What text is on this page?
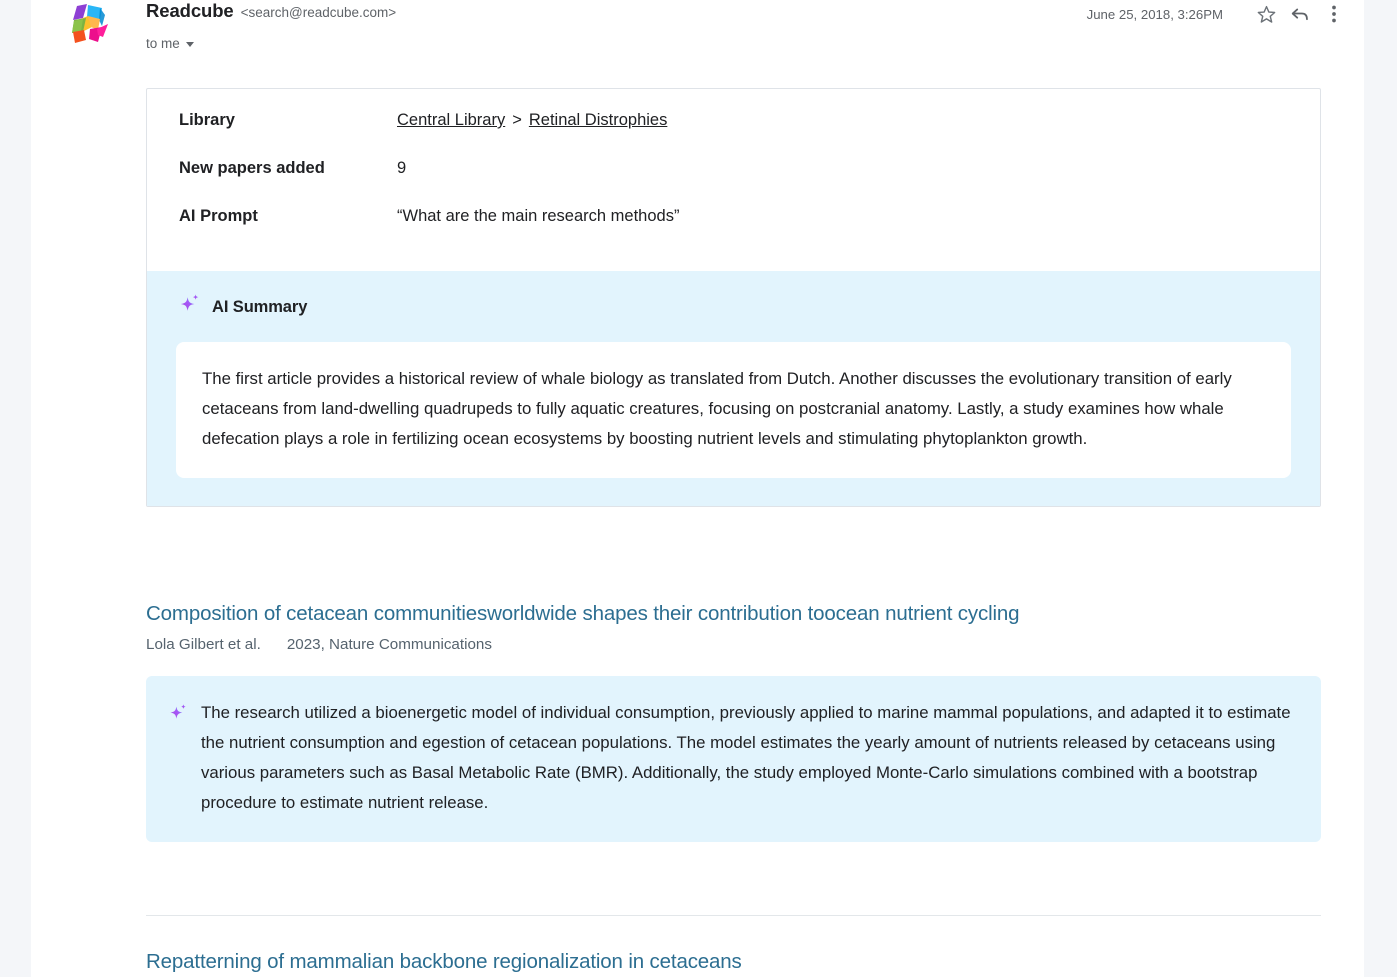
Readcube <search@readcube.com>
to me
June 25, 2018, 3:26PM
Library	Central Library > Retinal Distrophies
New papers added	9
AI Prompt	“What are the main research methods”
AI Summary

The first article provides a historical review of whale biology as translated from Dutch. Another discusses the evolutionary transition of early cetaceans from land-dwelling quadrupeds to fully aquatic creatures, focusing on postcranial anatomy. Lastly, a study examines how whale defecation plays a role in fertilizing ocean ecosystems by boosting nutrient levels and stimulating phytoplankton growth.

Composition of cetacean communitiesworldwide shapes their contribution toocean nutrient cycling
Lola Gilbert et al. 2023, Nature Communications

The research utilized a bioenergetic model of individual consumption, previously applied to marine mammal populations, and adapted it to estimate the nutrient consumption and egestion of cetacean populations. The model estimates the yearly amount of nutrients released by cetaceans using various parameters such as Basal Metabolic Rate (BMR). Additionally, the study employed Monte-Carlo simulations combined with a bootstrap procedure to estimate nutrient release.

Repatterning of mammalian backbone regionalization in cetaceans
